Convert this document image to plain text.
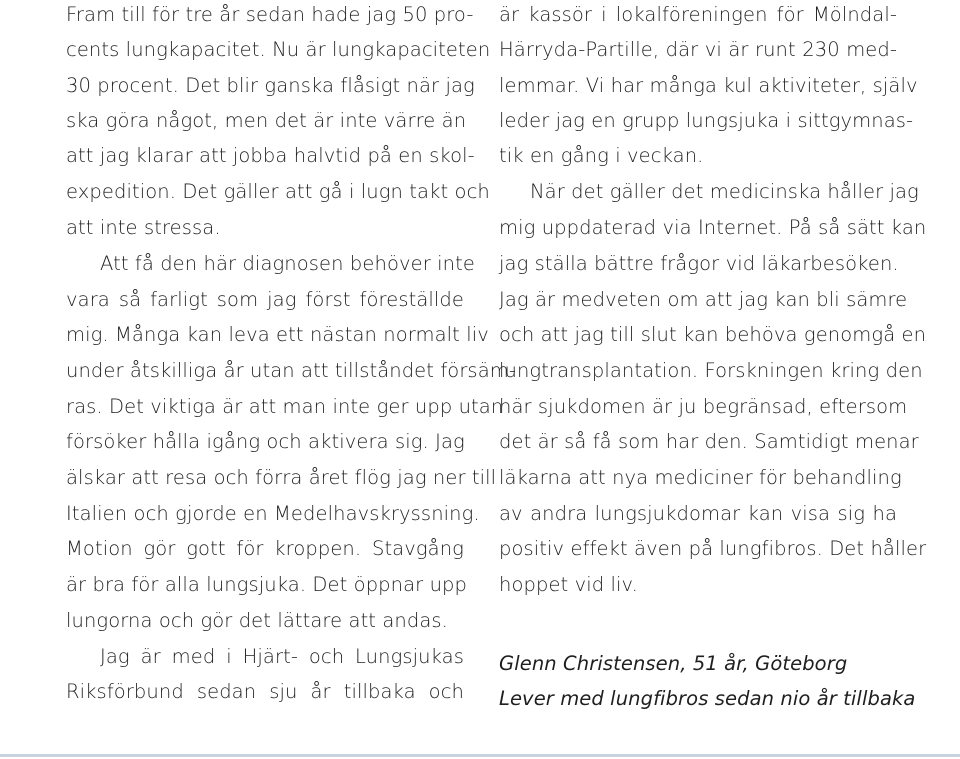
Fram till för tre år sedan hade jag 50 pro-
cents lungkapacitet. Nu är lungkapaciteten
30 procent. Det blir ganska flåsigt när jag
ska göra något, men det är inte värre än
att jag klarar att jobba halvtid på en skol-
expedition. Det gäller att gå i lugn takt och
att inte stressa.
Att få den här diagnosen behöver inte
vara så farligt som jag först föreställde
mig. Många kan leva ett nästan normalt liv
under åtskilliga år utan att tillståndet försäm-
ras. Det viktiga är att man inte ger upp utan
försöker hålla igång och aktivera sig. Jag
älskar att resa och förra året flög jag ner till
Italien och gjorde en Medelhavskryssning.
Motion gör gott för kroppen. Stavgång
är bra för alla lungsjuka. Det öppnar upp
lungorna och gör det lättare att andas.
Jag är med i Hjärt- och Lungsjukas
Riksförbund sedan sju år tillbaka och
är kassör i lokalföreningen för Mölndal-
Härryda-Partille, där vi är runt 230 med-
lemmar. Vi har många kul aktiviteter, själv
leder jag en grupp lungsjuka i sittgymnas-
tik en gång i veckan.
När det gäller det medicinska håller jag
mig uppdaterad via Internet. På så sätt kan
jag ställa bättre frågor vid läkarbesöken.
Jag är medveten om att jag kan bli sämre
och att jag till slut kan behöva genomgå en
lungtransplantation. Forskningen kring den
här sjukdomen är ju begränsad, eftersom
det är så få som har den. Samtidigt menar
läkarna att nya mediciner för behandling
av andra lungsjukdomar kan visa sig ha
positiv effekt även på lungfibros. Det håller
hoppet vid liv.
Glenn Christensen, 51 år, Göteborg
Lever med lungfibros sedan nio år tillbaka
